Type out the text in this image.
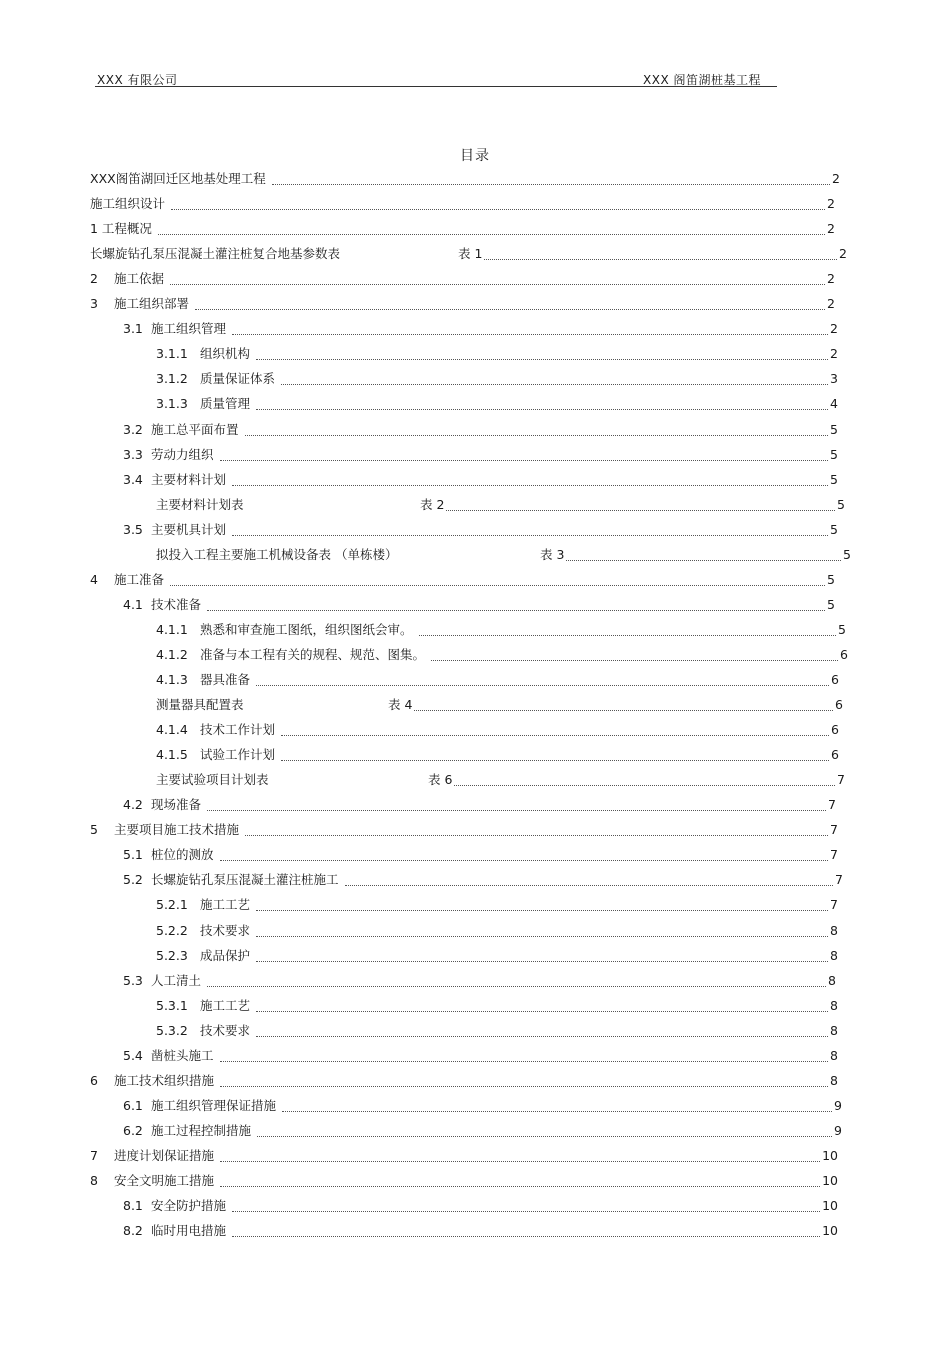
XXX 有限公司	XXX 阁笛湖桩基工程
目录
XXX阁笛湖回迁区地基处理工程	2
施工组织设计	2
1 工程概况	2
长螺旋钻孔泵压混凝土灌注桩复合地基参数表	表 1	2
2	施工依据	2
3	施工组织部署	2
3.1 施工组织管理	2
3.1.1 组织机构	2
3.1.2 质量保证体系	3
3.1.3 质量管理	4
3.2 施工总平面布置	5
3.3 劳动力组织	5
3.4 主要材料计划	5
主要材料计划表	表 2	5
3.5 主要机具计划	5
拟投入工程主要施工机械设备表 （单栋楼）	表 3	5
4	施工准备	5
4.1 技术准备	5
4.1.1 熟悉和审查施工图纸，组织图纸会审。	5
4.1.2 准备与本工程有关的规程、规范、图集。	6
4.1.3 器具准备	6
测量器具配置表	表 4	6
4.1.4 技术工作计划	6
4.1.5 试验工作计划	6
主要试验项目计划表	表 6	7
4.2 现场准备	7
5	主要项目施工技术措施	7
5.1 桩位的测放	7
5.2 长螺旋钻孔泵压混凝土灌注桩施工	7
5.2.1 施工工艺	7
5.2.2 技术要求	8
5.2.3 成品保护	8
5.3 人工清土	8
5.3.1 施工工艺	8
5.3.2 技术要求	8
5.4 凿桩头施工	8
6	施工技术组织措施	8
6.1 施工组织管理保证措施	9
6.2 施工过程控制措施	9
7	进度计划保证措施	10
8	安全文明施工措施	10
8.1 安全防护措施	10
8.2 临时用电措施	10
